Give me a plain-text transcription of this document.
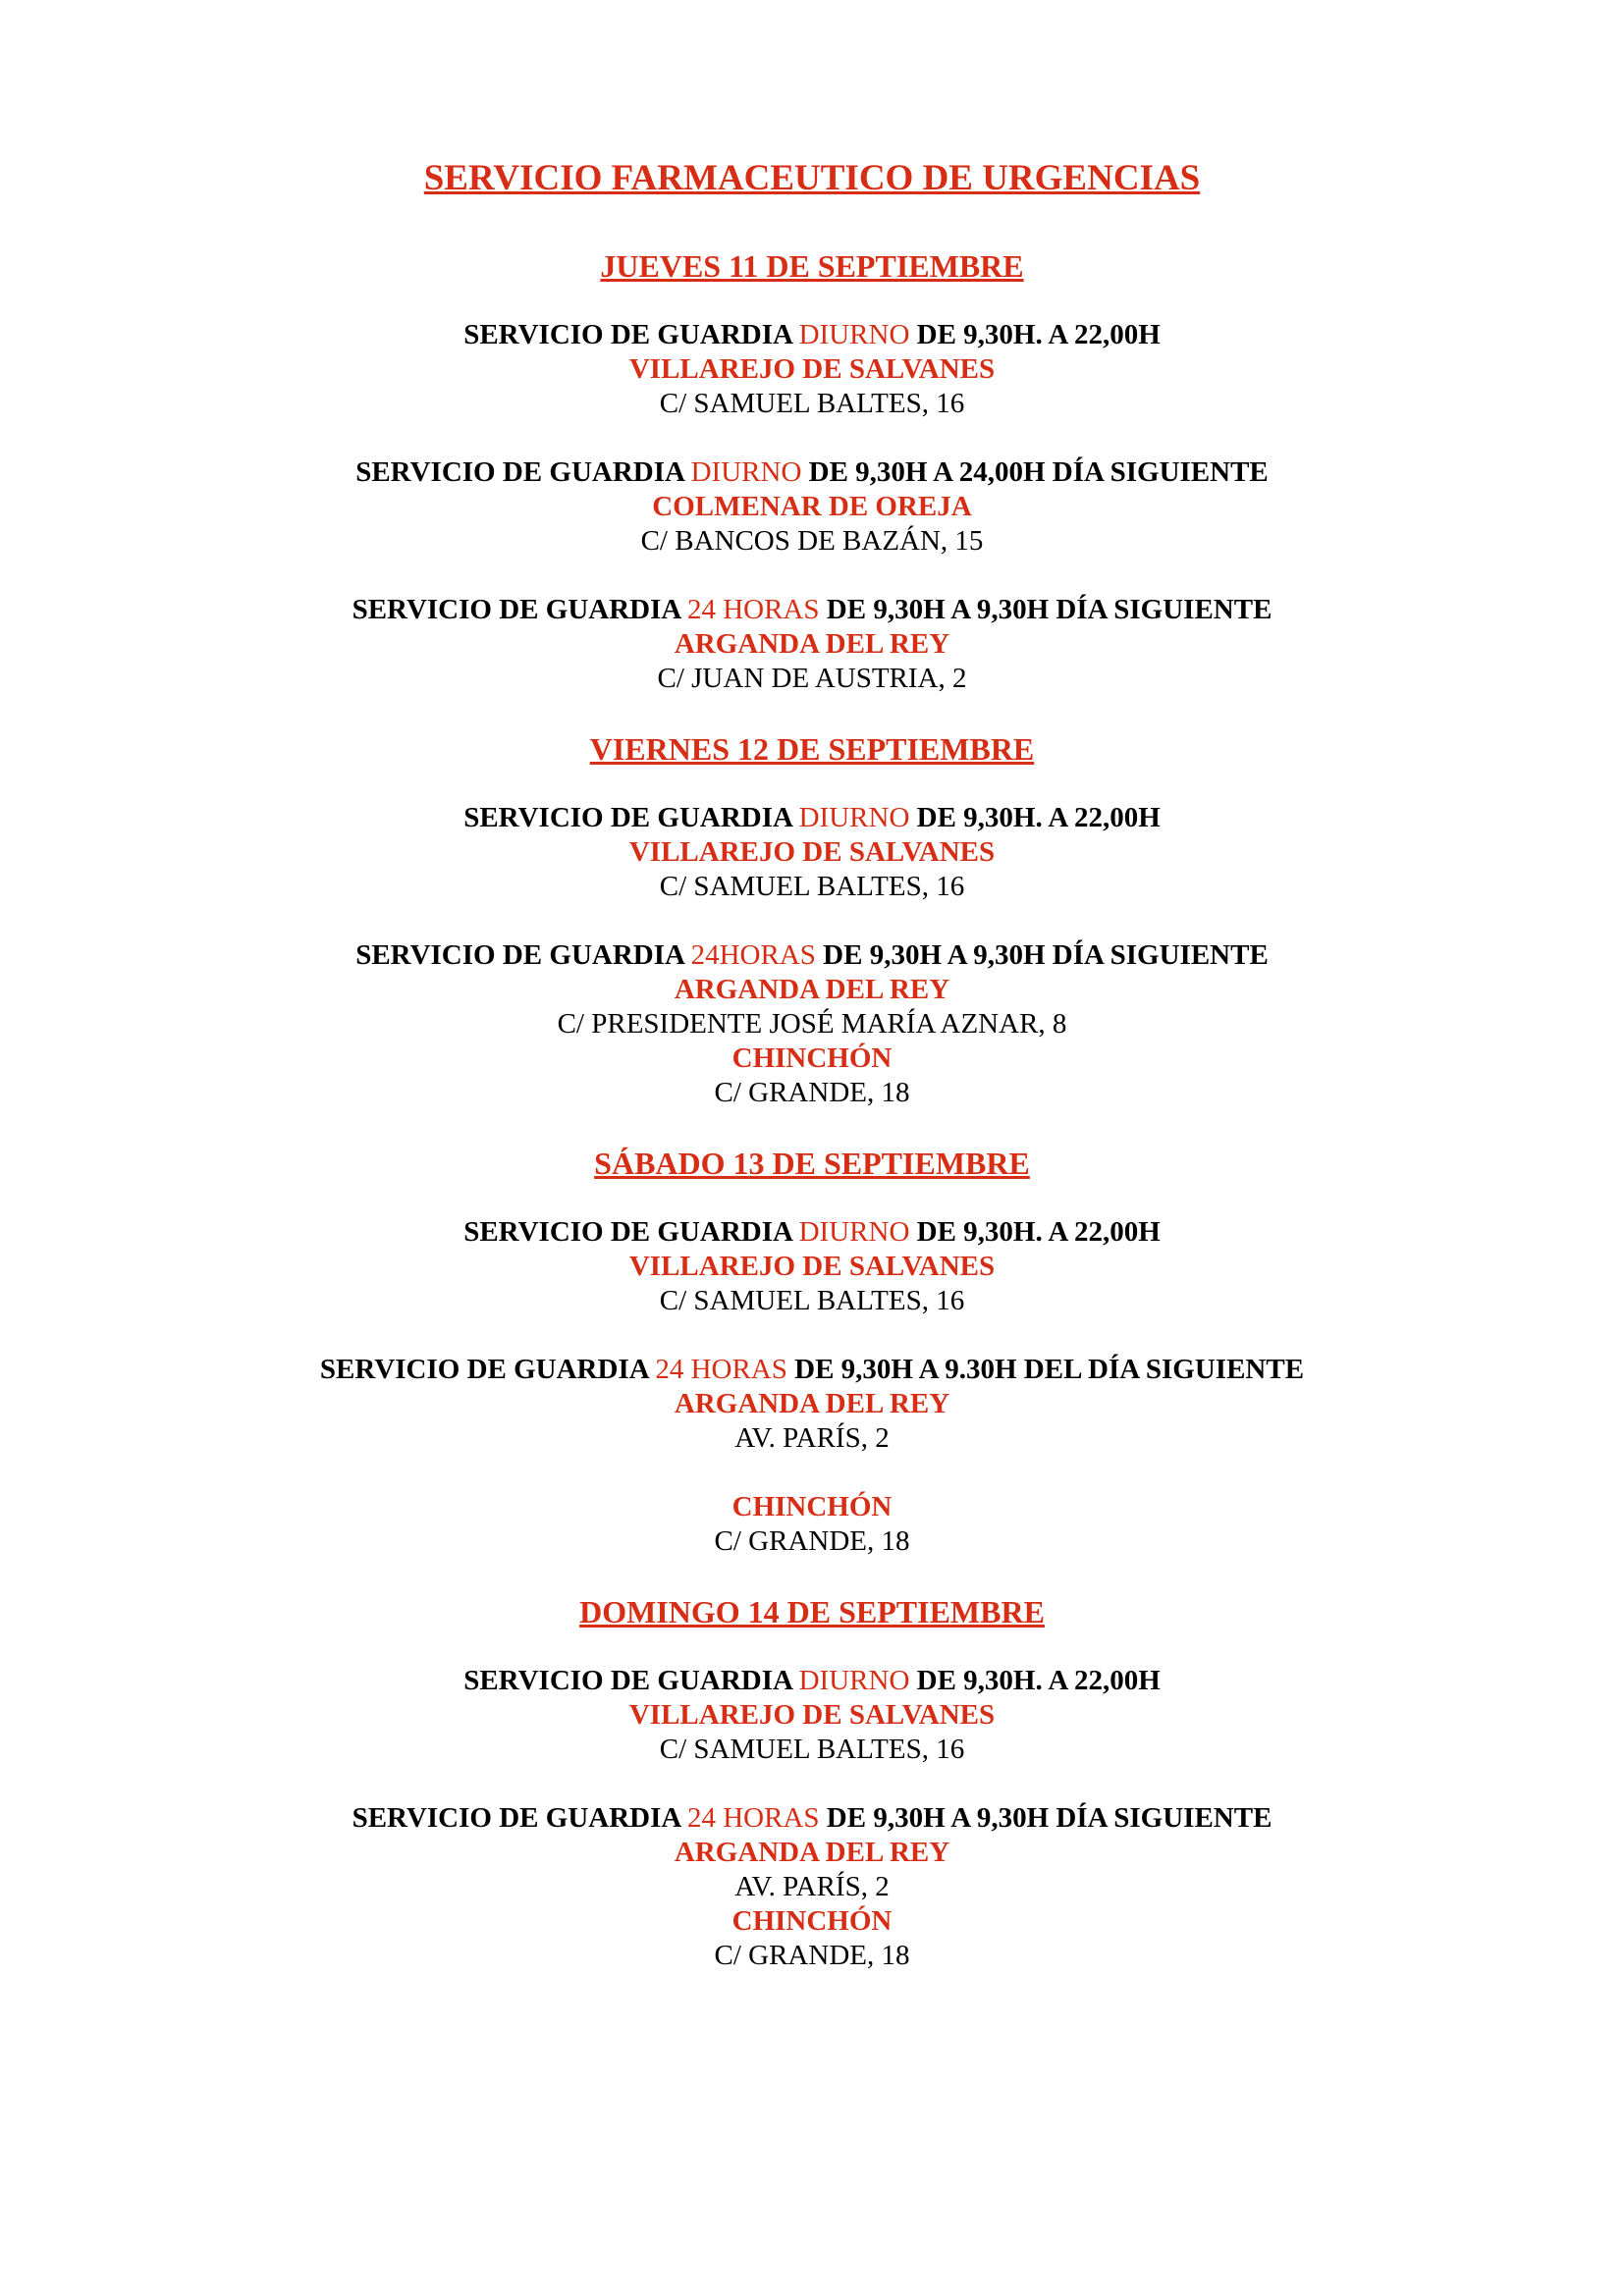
SERVICIO FARMACEUTICO DE URGENCIAS
JUEVES 11 DE SEPTIEMBRE
SERVICIO DE GUARDIA DIURNO DE 9,30H. A 22,00H
VILLAREJO DE SALVANES
C/ SAMUEL BALTES, 16
SERVICIO DE GUARDIA DIURNO DE 9,30H A 24,00H DÍA SIGUIENTE
COLMENAR DE OREJA
C/ BANCOS DE BAZÁN, 15
SERVICIO DE GUARDIA 24 HORAS DE 9,30H A 9,30H DÍA SIGUIENTE
ARGANDA DEL REY
C/ JUAN DE AUSTRIA, 2
VIERNES 12 DE SEPTIEMBRE
SERVICIO DE GUARDIA DIURNO DE 9,30H. A 22,00H
VILLAREJO DE SALVANES
C/ SAMUEL BALTES, 16
SERVICIO DE GUARDIA 24HORAS DE 9,30H A 9,30H DÍA SIGUIENTE
ARGANDA DEL REY
C/ PRESIDENTE JOSÉ MARÍA AZNAR, 8
CHINCHÓN
C/ GRANDE, 18
SÁBADO 13 DE SEPTIEMBRE
SERVICIO DE GUARDIA DIURNO DE 9,30H. A 22,00H
VILLAREJO DE SALVANES
C/ SAMUEL BALTES, 16
SERVICIO DE GUARDIA 24 HORAS DE 9,30H A 9.30H DEL DÍA SIGUIENTE
ARGANDA DEL REY
AV. PARÍS, 2
CHINCHÓN
C/ GRANDE, 18
DOMINGO 14 DE SEPTIEMBRE
SERVICIO DE GUARDIA DIURNO DE 9,30H. A 22,00H
VILLAREJO DE SALVANES
C/ SAMUEL BALTES, 16
SERVICIO DE GUARDIA 24 HORAS DE 9,30H A 9,30H DÍA SIGUIENTE
ARGANDA DEL REY
AV. PARÍS, 2
CHINCHÓN
C/ GRANDE, 18
